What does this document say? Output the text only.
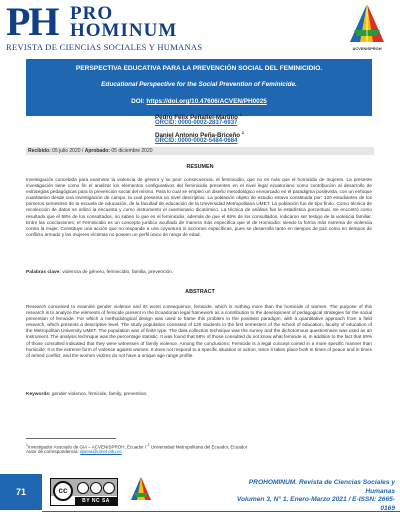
PH PRO
HOMINUM
REVISTA DE CIENCIAS SOCIALES Y HUMANAS	ACVENISPROH
PERSPECTIVA EDUCATIVA PARA LA PREVENCIÓN SOCIAL DEL FEMINICIDIO.
Educational Perspective for the Social Prevention of Feminicide.
DOI: https://doi.org/10.47606/ACVEN/PH0025
Pedro Félix Peñafiel-Martillo $^1$
ORCID: 0000-0002-2837-6937
Daniel Antonio Peña-Briceño $^2$
ORCID: 0000-0002-5484-0684
Recibido: 05 julio 2020 / Aprobado: 05 diciembre 2020
RESUMEN
Investigación concebida para examinar la violencia de género y su peor consecuencia, el feminicidio, que no es más que el homicidio de mujeres. La presente investigación tiene como fin el analizar los elementos configurativos del feminicidio presentes en el nivel legal ecuatoriano como contribución al desarrollo de estrategias pedagógicas para la prevención social del mismo. Para lo cual se empleó un diseño metodológico enmarcado en el paradigma positivista, con un enfoque cuantitativo desde una investigación de campo, la cual presenta un nivel descriptivo. La población objeto de estudio estuvo constituida por: 120 estudiantes de los primeros semestres de la escuela de educación, de la facultad de educación de la Universidad Metropolitana UMET. La población fue de tipo finito. Como técnica de recolección de datos se utilizó la encuesta y como instrumento el cuestionario dicotómico. La técnica de análisis fue la estadística porcentual. Se encontró como resultado que el 58% de los consultados, no saben lo que es el feminicidio, además de que el 69% de los consultados, indicaron ser testigo de la violencia familiar. Entre las conclusiones; el Feminicidio es un concepto jurídico acuñado de manera más específica que el de Homicidio: siendo la forma más extrema de violencia contra la mujer. Constituye una acción que no responde a una coyuntura ni acciones específicas, pues se desarrolla tanto en tiempos de paz como en tiempos de conflicto armado y las mujeres víctimas no poseen un perfil único de rango de edad.
Palabras clave: violencia de género, feminicidio, familia, prevención.
ABSTRACT
Research conceived to examine gender violence and its worst consequence, femicide, which is nothing more than the homicide of women. The purpose of this research is to analyze the elements of femicide present in the Ecuadorian legal framework as a contribution to the development of pedagogical strategies for the social prevention of femicide. For which a methodological design was used to frame this problem in the positivist paradigm, with a quantitative approach from a field research, which presents a descriptive level. The study population consisted of 120 students in the first semesters of the school of education, faculty of education of the Metropolitan University UMET. The population was of finite type. The data collection technique was the survey and the dichotomous questionnaire was used as an instrument. The analysis technique was the percentage statistic. It was found that 58% of those consulted do not know what femicide is, in addition to the fact that 69% of those consulted indicated that they were witnesses of family violence. Among the conclusions; Femicide is a legal concept coined in a more specific manner than homicide: It is the extreme form of violence against women. It does not respond to a specific situation or action, since it takes place both in times of peace and in times of armed conflict, and the women victims do not have a unique age range profile.
Keywords: gender violence, femicide, family, prevention.
$^1$Investigador Asociado de GIA – ACVENISPROH, Ecuador / $^2$ Universidad Metropolitana del Ecuador, Ecuador
Autor de correspondencia: dpena@umet.edu.ec
71	cc
BY NC SA
PROHOMINUM. Revista de Ciencias Sociales y Humanas
Volumen 3, N° 1. Enero-Marzo 2021 / E-ISSN: 2665-0169
